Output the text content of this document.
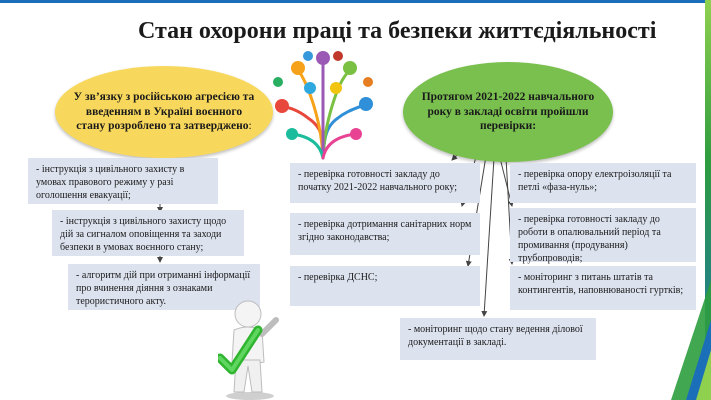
Стан охорони праці та безпеки життєдіяльності
У зв’язку з російською агресією та введенням в Україні воєнного стану розроблено та затверджено:
Протягом 2021-2022 навчального року в закладі освіти пройшли перевірки:
- інструкція з цивільного захисту в умовах правового режиму у разі оголошення евакуації;
- інструкція з цивільного захисту щодо дій за сигналом оповіщення та заходи безпеки в умовах воєнного стану;
- алгоритм дій при отриманні інформації про вчинення діяння з ознаками терористичного акту.
- перевірка готовності закладу до початку 2021-2022 навчального року;
- перевірка дотримання санітарних норм згідно законодавства;
- перевірка ДСНС;
- перевірка опору електроізоляції та петлі «фаза-нуль»;
- перевірка готовності закладу до роботи в опалювальний період та промивання (продування) трубопроводів;
- моніторинг з питань штатів та контингентів, наповнюваності гуртків;
- моніторинг щодо стану ведення ділової документації в закладі.
